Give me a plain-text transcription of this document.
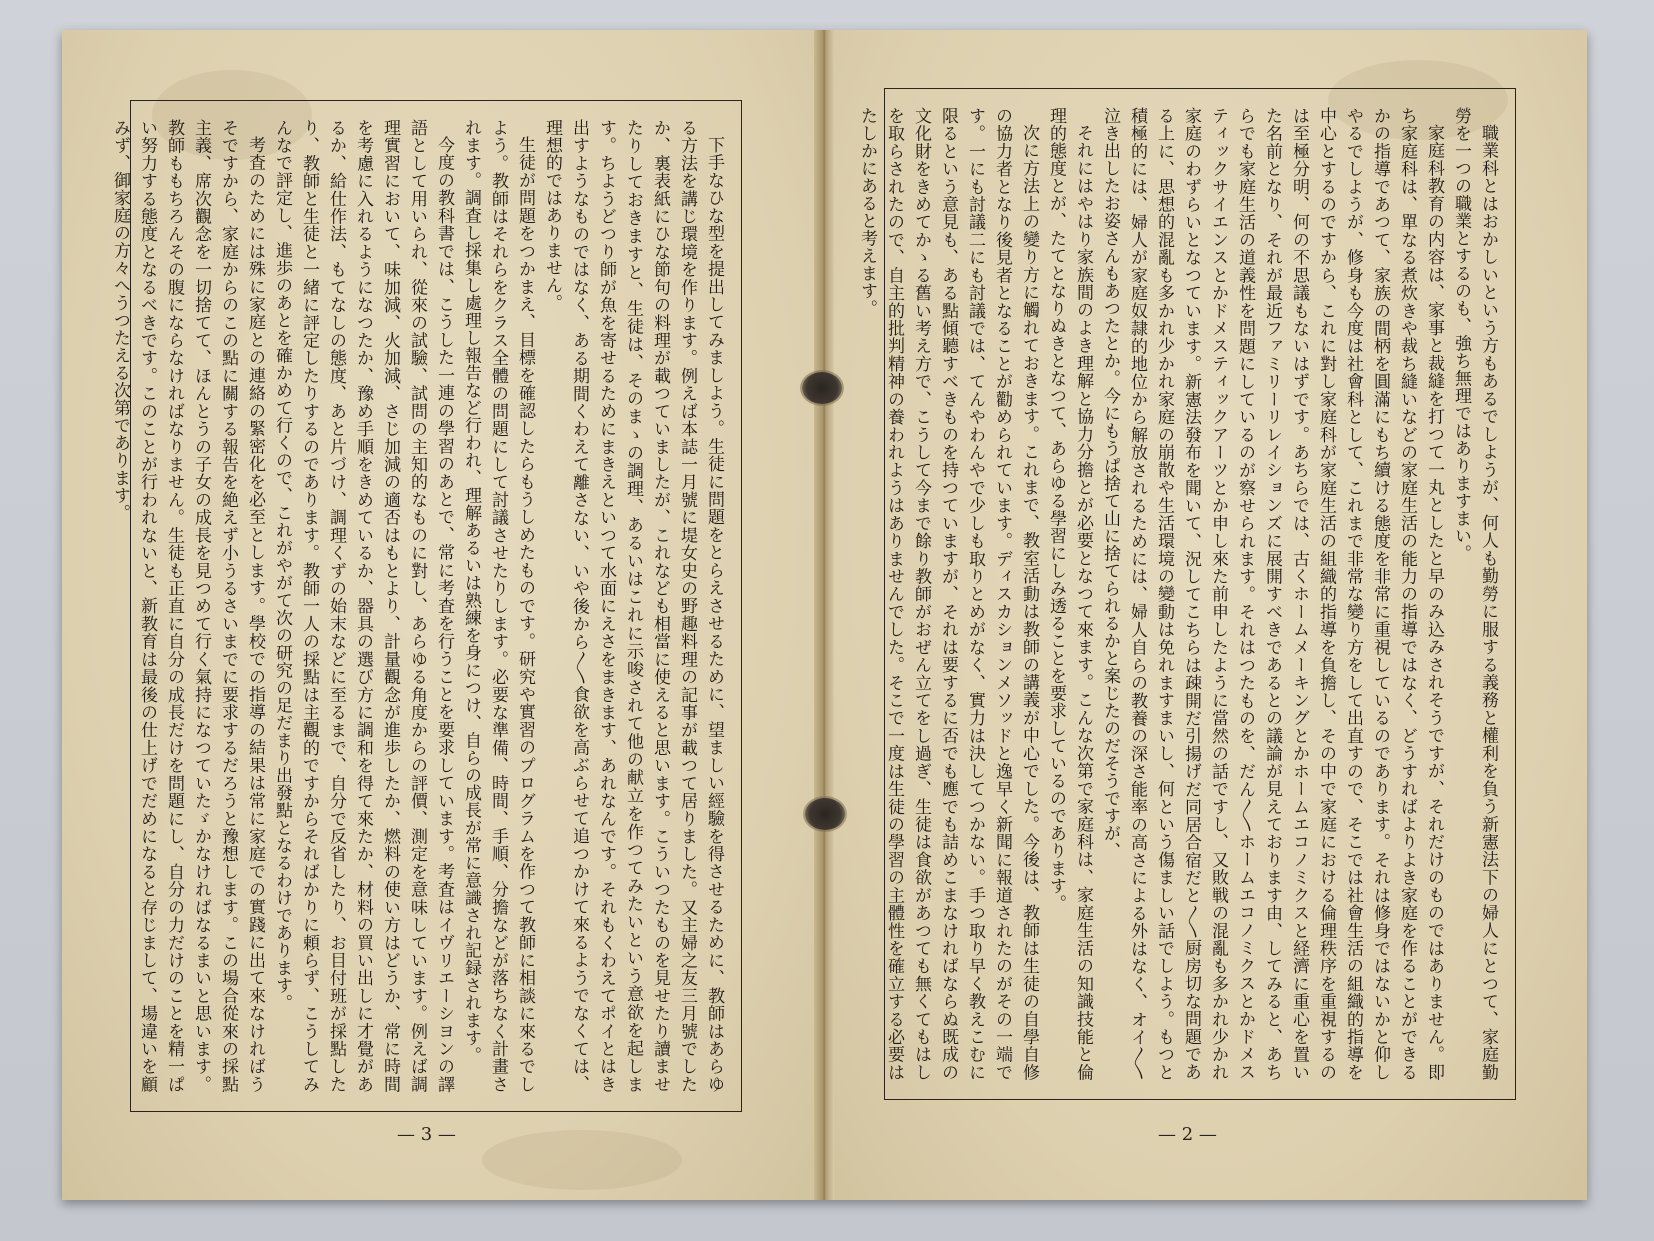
下手なひな型を提出してみましよう。生徒に問題をとらえさせるために、望ましい經驗を得させるために、教師はあらゆる方法を講じ環境を作ります。例えば本誌一月號に堤女史の野趣料理の記事が載つて居りました。又主婦之友三月號でしたか、裏表紙にひな節句の料理が載つていましたが、これなども相當に使えると思います。こういつたものを見せたり讀ませたりしておきますと、生徒は、そのまゝの調理、あるいはこれに示唆されて他の献立を作つてみたいという意欲を起します。ちようどつり師が魚を寄せるためにまきえといつて水面にえさをまきます、あれなんです。それもくわえてポイとはき出すようなものではなく、ある期間くわえて離さない、いや後から〳〵食欲を高ぶらせて追つかけて來るようでなくては、理想的ではありません。

生徒が問題をつかまえ、目標を確認したらもうしめたものです。研究や實習のプログラムを作つて教師に相談に來るでしよう。教師はそれらをクラス全體の問題にして討議させたりします。必要な準備、時間、手順、分擔などが落ちなく計畫されます。調査し採集し處理し報告など行われ、理解あるいは熟練を身につけ、自らの成長が常に意識され記録されます。

今度の教科書では、こうした一連の學習のあとで、常に考査を行うことを要求しています。考査はイヴリエーシヨンの譯語として用いられ、從來の試驗、試問の主知的なものに對し、あらゆる角度からの評價、測定を意味しています。例えば調理實習において、味加減、火加減、さじ加減の適否はもとより、計量觀念が進歩したか、燃料の使い方はどうか、常に時間を考慮に入れるようになつたか、豫め手順をきめているか、器具の選び方に調和を得て來たか、材料の買い出しに才覺があるか、給仕作法、もてなしの態度、あと片づけ、調理くずの始末などに至るまで、自分で反省したり、お目付班が採點したり、教師と生徒と一緒に評定したりするのであります。教師一人の採點は主觀的ですからそればかりに頼らず、こうしてみんなで評定し、進歩のあとを確かめて行くので、これがやがて次の研究の足だまり出發點となるわけであります。

考査のためには殊に家庭との連絡の緊密化を必至とします。學校での指導の結果は常に家庭での實踐に出て來なければうそですから、家庭からのこの點に關する報告を絶えず小うるさいまでに要求するだろうと豫想します。この場合從來の採點主義、席次觀念を一切捨てて、ほんとうの子女の成長を見つめて行く氣持になつていたゞかなければなるまいと思います。教師ももちろんその腹にならなければなりません。生徒も正直に自分の成長だけを問題にし、自分の力だけのことを精一ぱい努力する態度となるべきです。このことが行われないと、新教育は最後の仕上げでだめになると存じまして、場違いを顧みず、御家庭の方々へうつたえる次第であります。

— 3 —

職業科とはおかしいという方もあるでしようが、何人も勤勞に服する義務と權利を負う新憲法下の婦人にとつて、家庭勤勞を一つの職業とするのも、強ち無理ではありますまい。

家庭科教育の内容は、家事と裁縫を打つて一丸としたと早のみ込みされそうですが、それだけのものではありません。即ち家庭科は、單なる煮炊きや裁ち縫いなどの家庭生活の能力の指導ではなく、どうすればよりよき家庭を作ることができるかの指導であつて、家族の間柄を圓滿にもち續ける態度を非常に重視しているのであります。それは修身ではないかと仰しやるでしようが、修身も今度は社會科として、これまで非常な變り方をして出直すので、そこでは社會生活の組織的指導を中心とするのですから、これに對し家庭科が家庭生活の組織的指導を負擔し、その中で家庭における倫理秩序を重視するのは至極分明、何の不思議もないはずです。あちらでは、古くホームメーキングとかホームエコノミクスと経濟に重心を置いた名前となり、それが最近ファミリーリレイションズに展開すべきであるとの議論が見えております由、してみると、あちらでも家庭生活の道義性を問題にしているのが察せられます。それはつたものを、だん〳〵ホームエコノミクスとかドメスティックサイエンスとかドメスティックアーツとか申し來た前申したように當然の話ですし、又敗戦の混亂も多かれ少かれ家庭のわずらいとなつています。新憲法發布を聞いて、況してこちらは疎開だ引揚げだ同居合宿だと〳〵厨房切な問題である上に、思想的混亂も多かれ少かれ家庭の崩散や生活環境の變動は免れますまいし、何という傷ましい話でしよう。もつと積極的には、婦人が家庭奴隷的地位から解放されるためには、婦人自らの教養の深さ能率の高さによる外はなく、オイ〳〵泣き出したお姿さんもあつたとか。今にもうぱ捨て山に捨てられるかと案じたのだそうですが、

それにはやはり家族間のよき理解と協力分擔とが必要となつて來ます。こんな次第で家庭科は、家庭生活の知識技能と倫理的態度とが、たてとなりぬきとなつて、あらゆる學習にしみ透ることを要求しているのであります。

次に方法上の變り方に觸れておきます。これまで、教室活動は教師の講義が中心でした。今後は、教師は生徒の自學自修の協力者となり後見者となることが勸められています。ディスカションメソッドと逸早く新聞に報道されたのがその一端です。一にも討議二にも討議では、てんやわんやで少しも取りとめがなく、實力は決してつかない。手つ取り早く教えこむに限るという意見も、ある點傾聽すべきものを持つていますが、それは要するに否でも應でも詰めこまなければならぬ既成の文化財をきめてかゝる舊い考え方で、こうして今まで餘り教師がおぜん立てをし過ぎ、生徒は食欲があつても無くてもはしを取らされたので、自主的批判精神の養われようはありませんでした。そこで一度は生徒の學習の主體性を確立する必要はたしかにあると考えます。

— 2 —
